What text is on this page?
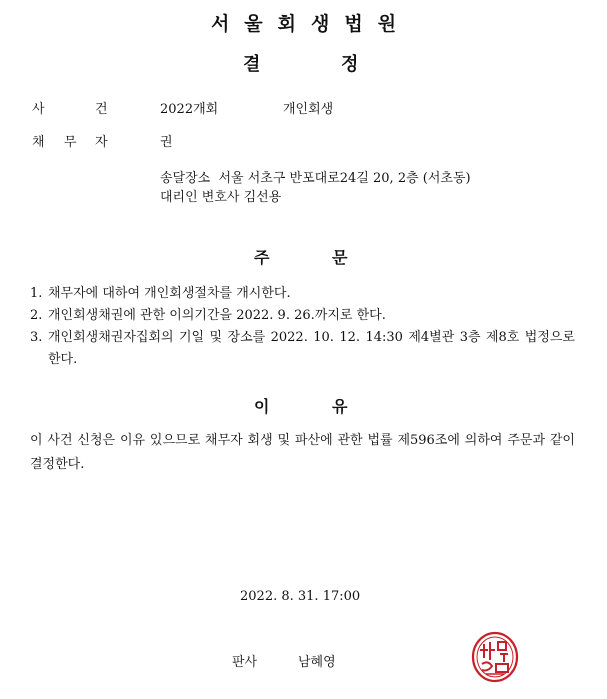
서울회생법원
결	정
사	건	2022개회	개인회생
채 무 자	권
송달장소  서울 서초구 반포대로24길 20, 2층 (서초동)
대리인 변호사 김선용
주	문
1. 채무자에 대하여 개인회생절차를 개시한다.
2. 개인회생채권에 관한 이의기간을 2022. 9. 26.까지로 한다.
3. 개인회생채권자집회의 기일 및 장소를 2022. 10. 12. 14:30 제4별관 3층 제8호 법정으로 한다.
이	유
이 사건 신청은 이유 있으므로 채무자 회생 및 파산에 관한 법률 제596조에 의하여 주문과 같이 결정한다.
2022. 8. 31. 17:00
판사	남혜영
